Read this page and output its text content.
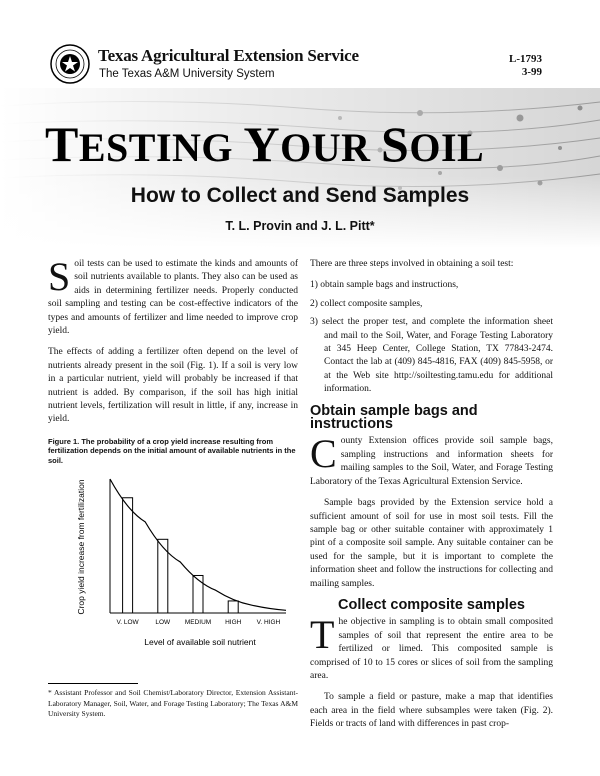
Texas Agricultural Extension Service
The Texas A&M University System
L-1793
3-99
TESTING YOUR SOIL
How to Collect and Send Samples
T. L. Provin and J. L. Pitt*

Soil tests can be used to estimate the kinds and amounts of soil nutrients available to plants. They also can be used as aids in determining fertilizer needs. Properly conducted soil sampling and testing can be cost-effective indicators of the types and amounts of fertilizer and lime needed to improve crop yield.

The effects of adding a fertilizer often depend on the level of nutrients already present in the soil (Fig. 1). If a soil is very low in a particular nutrient, yield will probably be increased if that nutrient is added. By comparison, if the soil has high initial nutrient levels, fertilization will result in little, if any, increase in yield.

Figure 1. The probability of a crop yield increase resulting from fertilization depends on the initial amount of available nutrients in the soil.
Crop yield increase from fertilization
V. LOW	LOW MEDIUM HIGH V. HIGH
Level of available soil nutrient
* Assistant Professor and Soil Chemist/Laboratory Director, Extension Assistant-Laboratory Manager, Soil, Water, and Forage Testing Laboratory; The Texas A&M University System.

There are three steps involved in obtaining a soil test:

1) obtain sample bags and instructions,
2) collect composite samples,
3) select the proper test, and complete the information sheet and mail to the Soil, Water, and Forage Testing Laboratory at 345 Heep Center, College Station, TX 77843-2474. Contact the lab at (409) 845-4816, FAX (409) 845-5958, or at the Web site http://soiltesting.tamu.edu for additional information.
Obtain sample bags and instructions

County Extension offices provide soil sample bags, sampling instructions and information sheets for mailing samples to the Soil, Water, and Forage Testing Laboratory of the Texas Agricultural Extension Service.

Sample bags provided by the Extension service hold a sufficient amount of soil for use in most soil tests. Fill the sample bag or other suitable container with approximately 1 pint of a composite soil sample. Any suitable container can be used for the sample, but it is important to complete the information sheet and follow the instructions for collecting and mailing samples.

Collect composite samples

The objective in sampling is to obtain small composited samples of soil that represent the entire area to be fertilized or limed. This composited sample is comprised of 10 to 15 cores or slices of soil from the sampling area.

To sample a field or pasture, make a map that identifies each area in the field where subsamples were taken (Fig. 2). Fields or tracts of land with differences in past crop-
